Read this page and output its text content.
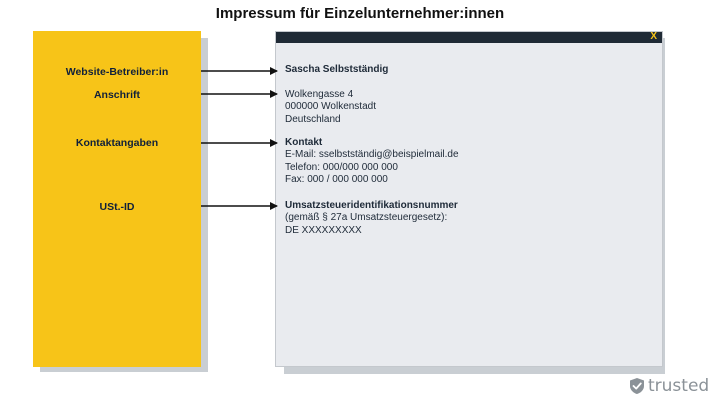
Impressum für Einzelunternehmer:innen
Website-Betreiber:in
Anschrift
Kontaktangaben
USt.-ID
X
Sascha Selbstständig
Wolkengasse 4
000000 Wolkenstadt
Deutschland
Kontakt
E-Mail: sselbstständig@beispielmail.de
Telefon: 000/000 000 000
Fax: 000 / 000 000 000
Umsatzsteueridentifikationsnummer
(gemäß § 27a Umsatzsteuergesetz):
DE XXXXXXXXX
trusted
